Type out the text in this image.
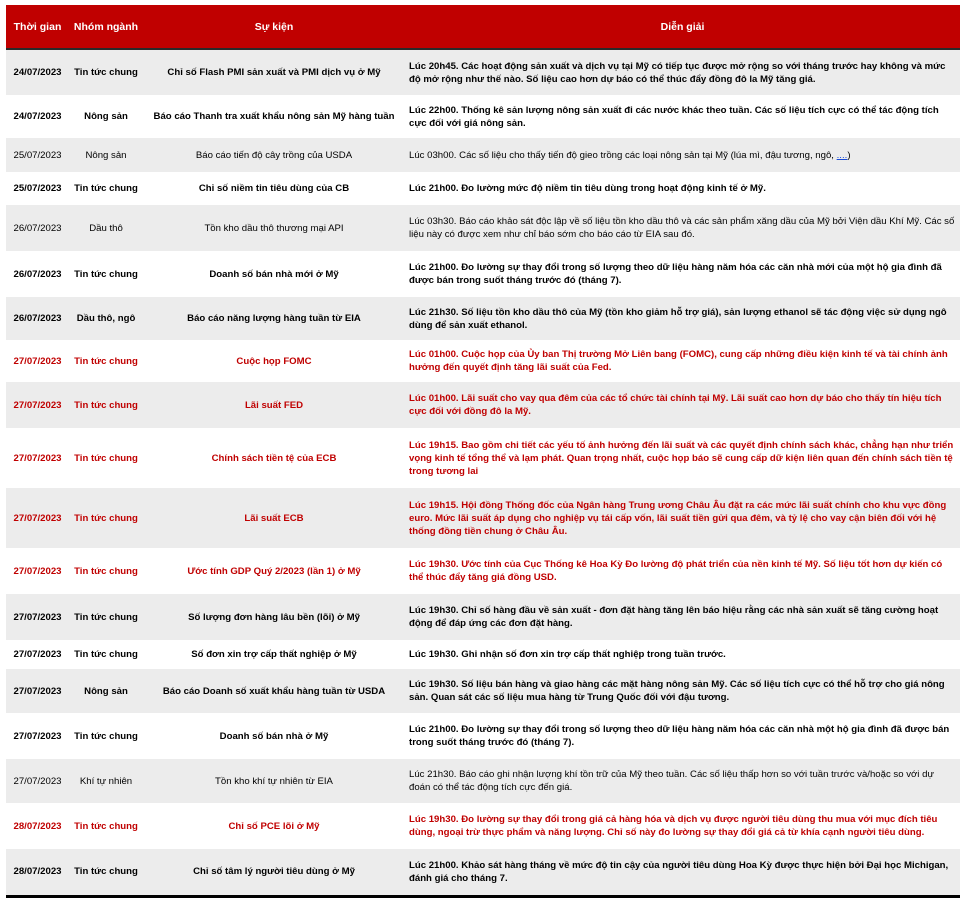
Thời gian	Nhóm ngành	Sự kiện	Diễn giải
24/07/2023	Tin tức chung	Chỉ số Flash PMI sản xuất và PMI dịch vụ ở Mỹ	Lúc 20h45. Các hoạt động sản xuất và dịch vụ tại Mỹ có tiếp tục được mở rộng so với tháng trước hay không và mức độ mở rộng như thế nào. Số liệu cao hơn dự báo có thể thúc đẩy đồng đô la Mỹ tăng giá.
24/07/2023	Nông sản	Báo cáo Thanh tra xuất khẩu nông sản Mỹ hàng tuần	Lúc 22h00. Thống kê sản lượng nông sản xuất đi các nước khác theo tuần. Các số liệu tích cực có thể tác động tích cực đối với giá nông sản.
25/07/2023	Nông sản	Báo cáo tiến độ cây trồng của USDA	Lúc 03h00. Các số liệu cho thấy tiến độ gieo trồng các loại nông sản tại Mỹ (lúa mì, đậu tương, ngô, ....)
25/07/2023	Tin tức chung	Chỉ số niềm tin tiêu dùng của CB	Lúc 21h00. Đo lường mức độ niềm tin tiêu dùng trong hoạt động kinh tế ở Mỹ.
26/07/2023	Dầu thô	Tồn kho dầu thô thương mại API	Lúc 03h30. Báo cáo khảo sát độc lập về số liệu tồn kho dầu thô và các sản phẩm xăng dầu của Mỹ bởi Viện dầu Khí Mỹ. Các số liệu này có được xem như chỉ báo sớm cho báo cáo từ EIA sau đó.
26/07/2023	Tin tức chung	Doanh số bán nhà mới ở Mỹ	Lúc 21h00. Đo lường sự thay đổi trong số lượng theo dữ liệu hàng năm hóa các căn nhà mới của một hộ gia đình đã được bán trong suốt tháng trước đó (tháng 7).
26/07/2023	Dầu thô, ngô	Báo cáo năng lượng hàng tuần từ EIA	Lúc 21h30. Số liệu tồn kho dầu thô của Mỹ (tồn kho giảm hỗ trợ giá), sản lượng ethanol sẽ tác động việc sử dụng ngô dùng để sản xuất ethanol.
27/07/2023	Tin tức chung	Cuộc họp FOMC	Lúc 01h00. Cuộc họp của Ủy ban Thị trường Mở Liên bang (FOMC), cung cấp những điều kiện kinh tế và tài chính ảnh hưởng đến quyết định tăng lãi suất của Fed.
27/07/2023	Tin tức chung	Lãi suất FED	Lúc 01h00. Lãi suất cho vay qua đêm của các tổ chức tài chính tại Mỹ. Lãi suất cao hơn dự báo cho thấy tín hiệu tích cực đối với đồng đô la Mỹ.
27/07/2023	Tin tức chung	Chính sách tiền tệ của ECB	Lúc 19h15. Bao gồm chi tiết các yếu tố ảnh hưởng đến lãi suất và các quyết định chính sách khác, chẳng hạn như triển vọng kinh tế tổng thể và lạm phát. Quan trọng nhất, cuộc họp báo sẽ cung cấp dữ kiện liên quan đến chính sách tiền tệ trong tương lai
27/07/2023	Tin tức chung	Lãi suất ECB	Lúc 19h15. Hội đồng Thống đốc của Ngân hàng Trung ương Châu Âu đặt ra các mức lãi suất chính cho khu vực đồng euro. Mức lãi suất áp dụng cho nghiệp vụ tái cấp vốn, lãi suất tiền gửi qua đêm, và tỷ lệ cho vay cận biên đối với hệ thống đồng tiền chung ở Châu Âu.
27/07/2023	Tin tức chung	Ước tính GDP Quý 2/2023 (lần 1) ở Mỹ	Lúc 19h30. Ước tính của Cục Thống kê Hoa Kỳ Đo lường độ phát triển của nền kinh tế Mỹ. Số liệu tốt hơn dự kiến có thể thúc đẩy tăng giá đồng USD.
27/07/2023	Tin tức chung	Số lượng đơn hàng lâu bền (lõi) ở Mỹ	Lúc 19h30. Chỉ số hàng đầu về sản xuất - đơn đặt hàng tăng lên báo hiệu rằng các nhà sản xuất sẽ tăng cường hoạt động để đáp ứng các đơn đặt hàng.
27/07/2023	Tin tức chung	Số đơn xin trợ cấp thất nghiệp ở Mỹ	Lúc 19h30. Ghi nhận số đơn xin trợ cấp thất nghiệp trong tuần trước.
27/07/2023	Nông sản	Báo cáo Doanh số xuất khẩu hàng tuần từ USDA	Lúc 19h30. Số liệu bán hàng và giao hàng các mặt hàng nông sản Mỹ. Các số liệu tích cực có thể hỗ trợ cho giá nông sản. Quan sát các số liệu mua hàng từ Trung Quốc đối với đậu tương.
27/07/2023	Tin tức chung	Doanh số bán nhà ở Mỹ	Lúc 21h00. Đo lường sự thay đổi trong số lượng theo dữ liệu hàng năm hóa các căn nhà một hộ gia đình đã được bán trong suốt tháng trước đó (tháng 7).
27/07/2023	Khí tự nhiên	Tồn kho khí tự nhiên từ EIA	Lúc 21h30. Báo cáo ghi nhận lượng khí tồn trữ của Mỹ theo tuần. Các số liệu thấp hơn so với tuần trước và/hoặc so với dự đoán có thể tác động tích cực đến giá.
28/07/2023	Tin tức chung	Chỉ số PCE lõi ở Mỹ	Lúc 19h30. Đo lường sự thay đổi trong giá cả hàng hóa và dịch vụ được người tiêu dùng thu mua với mục đích tiêu dùng, ngoại trừ thực phẩm và năng lượng. Chỉ số này đo lường sự thay đổi giá cả từ khía cạnh người tiêu dùng.
28/07/2023	Tin tức chung	Chỉ số tâm lý người tiêu dùng ở Mỹ	Lúc 21h00. Khảo sát hàng tháng về mức độ tin cậy của người tiêu dùng Hoa Kỳ được thực hiện bởi Đại học Michigan, đánh giá cho tháng 7.
